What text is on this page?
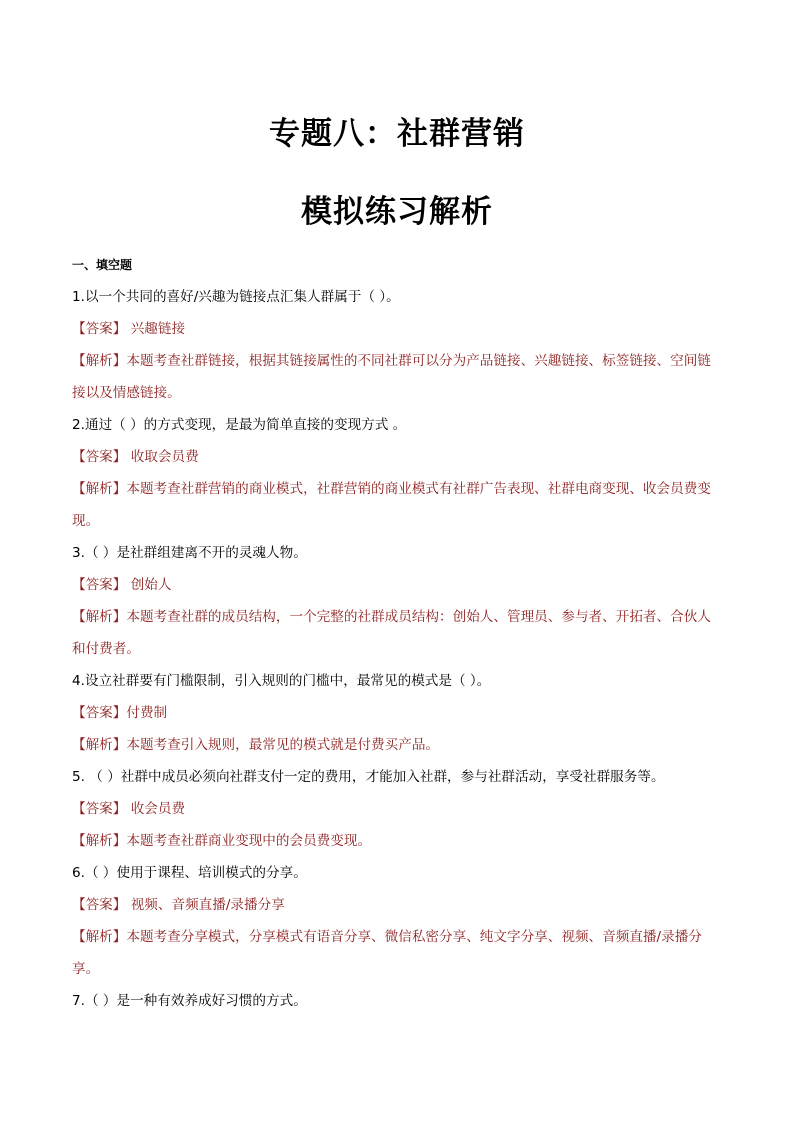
专题八：社群营销
模拟练习解析
一、填空题
1.以一个共同的喜好/兴趣为链接点汇集人群属于（ ）。
【答案】 兴趣链接
【解析】本题考查社群链接，根据其链接属性的不同社群可以分为产品链接、兴趣链接、标签链接、空间链接以及情感链接。
2.通过（ ）的方式变现，是最为简单直接的变现方式 。
【答案】 收取会员费
【解析】本题考查社群营销的商业模式，社群营销的商业模式有社群广告表现、社群电商变现、收会员费变现。
3.（ ）是社群组建离不开的灵魂人物。
【答案】 创始人
【解析】本题考查社群的成员结构，一个完整的社群成员结构：创始人、管理员、参与者、开拓者、合伙人和付费者。
4.设立社群要有门槛限制，引入规则的门槛中，最常见的模式是（ ）。
【答案】付费制
【解析】本题考查引入规则，最常见的模式就是付费买产品。
5. （ ）社群中成员必须向社群支付一定的费用，才能加入社群，参与社群活动，享受社群服务等。
【答案】 收会员费
【解析】本题考查社群商业变现中的会员费变现。
6.（ ）使用于课程、培训模式的分享。
【答案】 视频、音频直播/录播分享
【解析】本题考查分享模式，分享模式有语音分享、微信私密分享、纯文字分享、视频、音频直播/录播分享。
7.（ ）是一种有效养成好习惯的方式。
